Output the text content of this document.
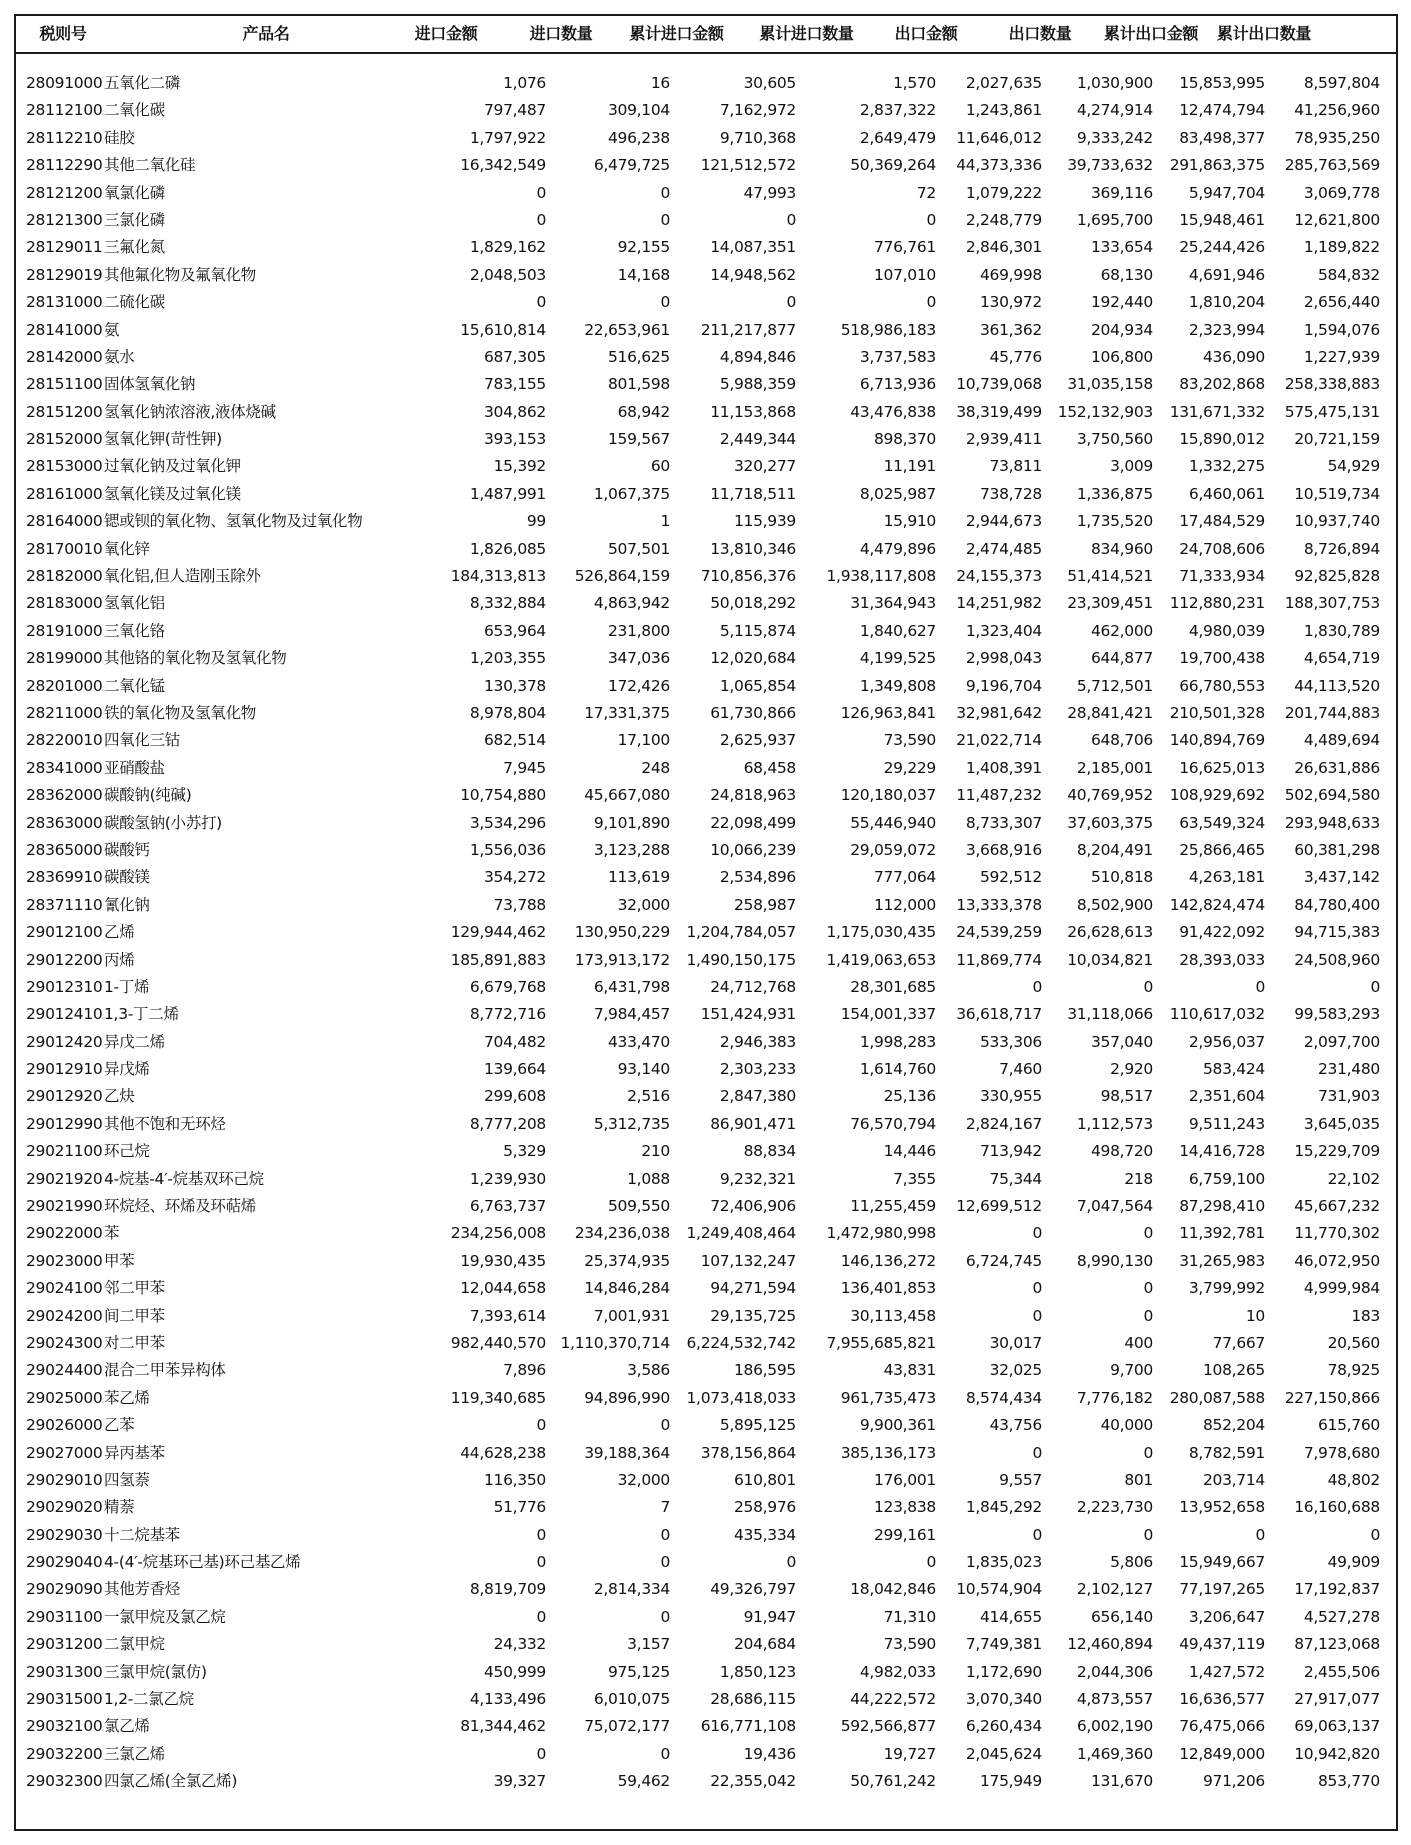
税则号	产品名	进口金额	进口数量	累计进口金额	累计进口数量	出口金额	出口数量	累计出口金额	累计出口数量
28091000 五氧化二磷	1,076	16	30,605	1,570	2,027,635	1,030,900	15,853,995	8,597,804
28112100 二氧化碳	797,487	309,104	7,162,972	2,837,322	1,243,861	4,274,914	12,474,794	41,256,960
28112210 硅胶	1,797,922	496,238	9,710,368	2,649,479	11,646,012	9,333,242	83,498,377	78,935,250
28112290 其他二氧化硅	16,342,549	6,479,725	121,512,572	50,369,264	44,373,336	39,733,632	291,863,375	285,763,569
28121200 氧氯化磷	0	0	47,993	72	1,079,222	369,116	5,947,704	3,069,778
28121300 三氯化磷	0	0	0	0	2,248,779	1,695,700	15,948,461	12,621,800
28129011 三氟化氮	1,829,162	92,155	14,087,351	776,761	2,846,301	133,654	25,244,426	1,189,822
28129019 其他氟化物及氟氧化物	2,048,503	14,168	14,948,562	107,010	469,998	68,130	4,691,946	584,832
28131000 二硫化碳	0	0	0	0	130,972	192,440	1,810,204	2,656,440
28141000 氨	15,610,814	22,653,961	211,217,877	518,986,183	361,362	204,934	2,323,994	1,594,076
28142000 氨水	687,305	516,625	4,894,846	3,737,583	45,776	106,800	436,090	1,227,939
28151100 固体氢氧化钠	783,155	801,598	5,988,359	6,713,936	10,739,068	31,035,158	83,202,868	258,338,883
28151200 氢氧化钠浓溶液,液体烧碱	304,862	68,942	11,153,868	43,476,838	38,319,499	152,132,903	131,671,332	575,475,131
28152000 氢氧化钾(苛性钾)	393,153	159,567	2,449,344	898,370	2,939,411	3,750,560	15,890,012	20,721,159
28153000 过氧化钠及过氧化钾	15,392	60	320,277	11,191	73,811	3,009	1,332,275	54,929
28161000 氢氧化镁及过氧化镁	1,487,991	1,067,375	11,718,511	8,025,987	738,728	1,336,875	6,460,061	10,519,734
28164000 锶或钡的氧化物、氢氧化物及过氧化物	99	1	115,939	15,910	2,944,673	1,735,520	17,484,529	10,937,740
28170010 氧化锌	1,826,085	507,501	13,810,346	4,479,896	2,474,485	834,960	24,708,606	8,726,894
28182000 氧化铝,但人造刚玉除外	184,313,813	526,864,159	710,856,376	1,938,117,808	24,155,373	51,414,521	71,333,934	92,825,828
28183000 氢氧化铝	8,332,884	4,863,942	50,018,292	31,364,943	14,251,982	23,309,451	112,880,231	188,307,753
28191000 三氧化铬	653,964	231,800	5,115,874	1,840,627	1,323,404	462,000	4,980,039	1,830,789
28199000 其他铬的氧化物及氢氧化物	1,203,355	347,036	12,020,684	4,199,525	2,998,043	644,877	19,700,438	4,654,719
28201000 二氧化锰	130,378	172,426	1,065,854	1,349,808	9,196,704	5,712,501	66,780,553	44,113,520
28211000 铁的氧化物及氢氧化物	8,978,804	17,331,375	61,730,866	126,963,841	32,981,642	28,841,421	210,501,328	201,744,883
28220010 四氧化三钴	682,514	17,100	2,625,937	73,590	21,022,714	648,706	140,894,769	4,489,694
28341000 亚硝酸盐	7,945	248	68,458	29,229	1,408,391	2,185,001	16,625,013	26,631,886
28362000 碳酸钠(纯碱)	10,754,880	45,667,080	24,818,963	120,180,037	11,487,232	40,769,952	108,929,692	502,694,580
28363000 碳酸氢钠(小苏打)	3,534,296	9,101,890	22,098,499	55,446,940	8,733,307	37,603,375	63,549,324	293,948,633
28365000 碳酸钙	1,556,036	3,123,288	10,066,239	29,059,072	3,668,916	8,204,491	25,866,465	60,381,298
28369910 碳酸镁	354,272	113,619	2,534,896	777,064	592,512	510,818	4,263,181	3,437,142
28371110 氰化钠	73,788	32,000	258,987	112,000	13,333,378	8,502,900	142,824,474	84,780,400
29012100 乙烯	129,944,462	130,950,229	1,204,784,057	1,175,030,435	24,539,259	26,628,613	91,422,092	94,715,383
29012200 丙烯	185,891,883	173,913,172	1,490,150,175	1,419,063,653	11,869,774	10,034,821	28,393,033	24,508,960
29012310 1-丁烯	6,679,768	6,431,798	24,712,768	28,301,685	0	0	0	0
29012410 1,3-丁二烯	8,772,716	7,984,457	151,424,931	154,001,337	36,618,717	31,118,066	110,617,032	99,583,293
29012420 异戊二烯	704,482	433,470	2,946,383	1,998,283	533,306	357,040	2,956,037	2,097,700
29012910 异戊烯	139,664	93,140	2,303,233	1,614,760	7,460	2,920	583,424	231,480
29012920 乙炔	299,608	2,516	2,847,380	25,136	330,955	98,517	2,351,604	731,903
29012990 其他不饱和无环烃	8,777,208	5,312,735	86,901,471	76,570,794	2,824,167	1,112,573	9,511,243	3,645,035
29021100 环己烷	5,329	210	88,834	14,446	713,942	498,720	14,416,728	15,229,709
29021920 4-烷基-4′-烷基双环己烷	1,239,930	1,088	9,232,321	7,355	75,344	218	6,759,100	22,102
29021990 环烷烃、环烯及环萜烯	6,763,737	509,550	72,406,906	11,255,459	12,699,512	7,047,564	87,298,410	45,667,232
29022000 苯	234,256,008	234,236,038	1,249,408,464	1,472,980,998	0	0	11,392,781	11,770,302
29023000 甲苯	19,930,435	25,374,935	107,132,247	146,136,272	6,724,745	8,990,130	31,265,983	46,072,950
29024100 邻二甲苯	12,044,658	14,846,284	94,271,594	136,401,853	0	0	3,799,992	4,999,984
29024200 间二甲苯	7,393,614	7,001,931	29,135,725	30,113,458	0	0	10	183
29024300 对二甲苯	982,440,570 1,110,370,714	6,224,532,742	7,955,685,821	30,017	400	77,667	20,560
29024400 混合二甲苯异构体	7,896	3,586	186,595	43,831	32,025	9,700	108,265	78,925
29025000 苯乙烯	119,340,685	94,896,990	1,073,418,033	961,735,473	8,574,434	7,776,182	280,087,588	227,150,866
29026000 乙苯	0	0	5,895,125	9,900,361	43,756	40,000	852,204	615,760
29027000 异丙基苯	44,628,238	39,188,364	378,156,864	385,136,173	0	0	8,782,591	7,978,680
29029010 四氢萘	116,350	32,000	610,801	176,001	9,557	801	203,714	48,802
29029020 精萘	51,776	7	258,976	123,838	1,845,292	2,223,730	13,952,658	16,160,688
29029030 十二烷基苯	0	0	435,334	299,161	0	0	0	0
29029040 4-(4′-烷基环己基)环己基乙烯	0	0	0	0	1,835,023	5,806	15,949,667	49,909
29029090 其他芳香烃	8,819,709	2,814,334	49,326,797	18,042,846	10,574,904	2,102,127	77,197,265	17,192,837
29031100 一氯甲烷及氯乙烷	0	0	91,947	71,310	414,655	656,140	3,206,647	4,527,278
29031200 二氯甲烷	24,332	3,157	204,684	73,590	7,749,381	12,460,894	49,437,119	87,123,068
29031300 三氯甲烷(氯仿)	450,999	975,125	1,850,123	4,982,033	1,172,690	2,044,306	1,427,572	2,455,506
29031500 1,2-二氯乙烷	4,133,496	6,010,075	28,686,115	44,222,572	3,070,340	4,873,557	16,636,577	27,917,077
29032100 氯乙烯	81,344,462	75,072,177	616,771,108	592,566,877	6,260,434	6,002,190	76,475,066	69,063,137
29032200 三氯乙烯	0	0	19,436	19,727	2,045,624	1,469,360	12,849,000	10,942,820
29032300 四氯乙烯(全氯乙烯)	39,327	59,462	22,355,042	50,761,242	175,949	131,670	971,206	853,770
